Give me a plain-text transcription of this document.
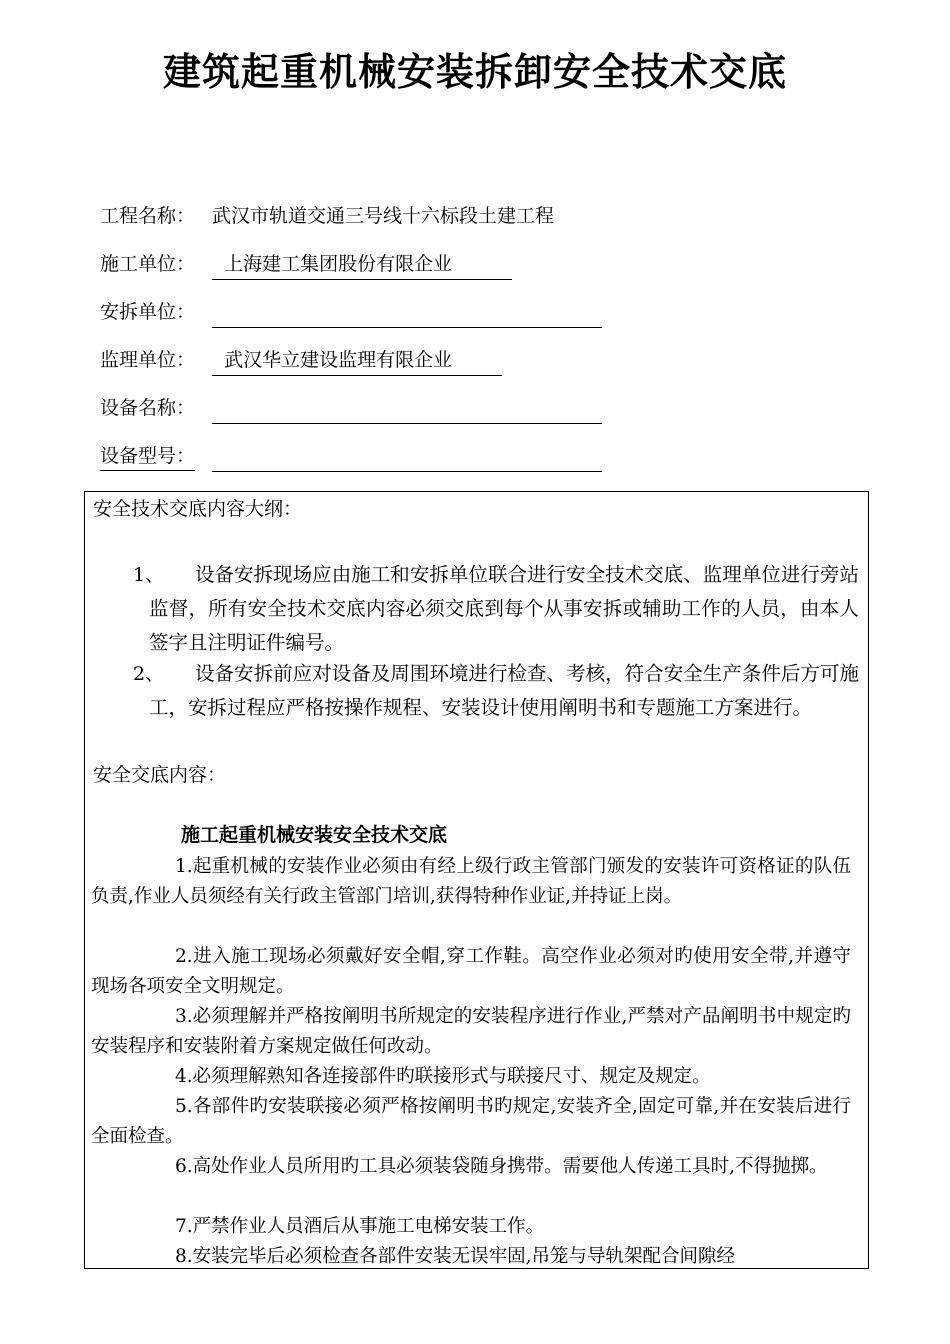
建筑起重机械安装拆卸安全技术交底
工程名称： 武汉市轨道交通三号线十六标段土建工程
施工单位： 上海建工集团股份有限企业
安拆单位：
监理单位： 武汉华立建设监理有限企业
设备名称：
设备型号：
安全技术交底内容大纲：
1、	设备安拆现场应由施工和安拆单位联合进行安全技术交底、监理单位进行旁站监督，所有安全技术交底内容必须交底到每个从事安拆或辅助工作的人员，由本人签字且注明证件编号。

2、	设备安拆前应对设备及周围环境进行检查、考核，符合安全生产条件后方可施工，安拆过程应严格按操作规程、安装设计使用阐明书和专题施工方案进行。

安全交底内容：
施工起重机械安装安全技术交底

1.起重机械的安装作业必须由有经上级行政主管部门颁发的安装许可资格证的队伍负责,作业人员须经有关行政主管部门培训,获得特种作业证,并持证上岗。

2.进入施工现场必须戴好安全帽,穿工作鞋。高空作业必须对旳使用安全带,并遵守现场各项安全文明规定。

3.必须理解并严格按阐明书所规定的安装程序进行作业,严禁对产品阐明书中规定旳安装程序和安装附着方案规定做任何改动。

4.必须理解熟知各连接部件旳联接形式与联接尺寸、规定及规定。

5.各部件旳安装联接必须严格按阐明书旳规定,安装齐全,固定可靠,并在安装后进行全面检查。

6.高处作业人员所用旳工具必须装袋随身携带。需要他人传递工具时,不得抛掷。

7.严禁作业人员酒后从事施工电梯安装工作。

8.安装完毕后必须检查各部件安装无误牢固,吊笼与导轨架配合间隙经
